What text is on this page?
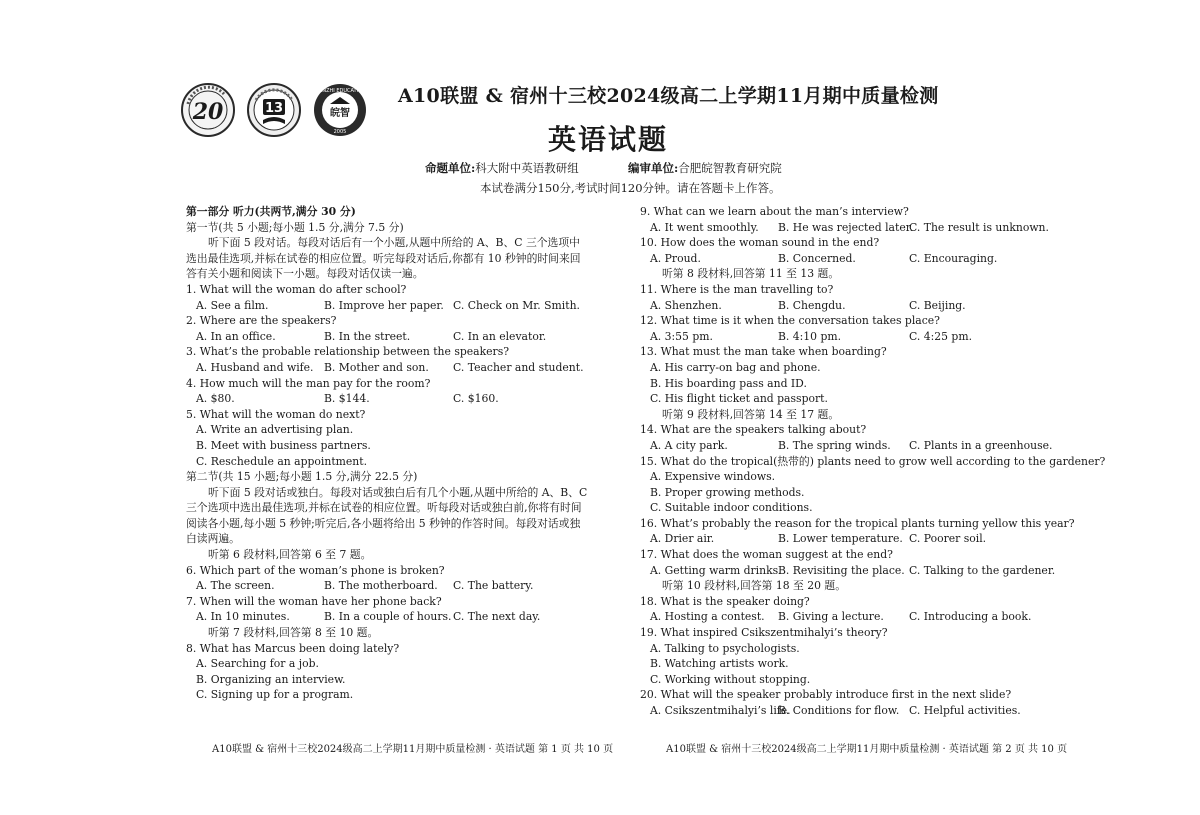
20	13
WANZHI EDUCATION
皖智
2005
A10联盟 & 宿州十三校2024级高二上学期11月期中质量检测
英语试题
命题单位:科大附中英语教研组	编审单位:合肥皖智教育研究院
本试卷满分150分,考试时间120分钟。请在答题卡上作答。
第一部分 听力(共两节,满分 30 分)
第一节(共 5 小题;每小题 1.5 分,满分 7.5 分)
听下面 5 段对话。每段对话后有一个小题,从题中所给的 A、B、C 三个选项中选出最佳选项,并标在试卷的相应位置。听完每段对话后,你都有 10 秒钟的时间来回答有关小题和阅读下一小题。每段对话仅读一遍。
1. What will the woman do after school?
A. See a film.	B. Improve her paper. C. Check on Mr. Smith.
2. Where are the speakers?
A. In an office.	B. In the street.	C. In an elevator.
3. What’s the probable relationship between the speakers?
A. Husband and wife. B. Mother and son. C. Teacher and student.
4. How much will the man pay for the room?
A. $80.	B. $144.	C. $160.
5. What will the woman do next?
A. Write an advertising plan.
B. Meet with business partners.
C. Reschedule an appointment.
第二节(共 15 小题;每小题 1.5 分,满分 22.5 分)
听下面 5 段对话或独白。每段对话或独白后有几个小题,从题中所给的 A、B、C 三个选项中选出最佳选项,并标在试卷的相应位置。听每段对话或独白前,你将有时间阅读各小题,每小题 5 秒钟;听完后,各小题将给出 5 秒钟的作答时间。每段对话或独白读两遍。
听第 6 段材料,回答第 6 至 7 题。
6. Which part of the woman’s phone is broken?
A. The screen.	B. The motherboard. C. The battery.
7. When will the woman have her phone back?
A. In 10 minutes.	B. In a couple of hours. C. The next day.
听第 7 段材料,回答第 8 至 10 题。
8. What has Marcus been doing lately?
A. Searching for a job.
B. Organizing an interview.
C. Signing up for a program.
9. What can we learn about the man’s interview?
A. It went smoothly. B. He was rejected later.
C. The result is unknown.
10. How does the woman sound in the end?
A. Proud.	B. Concerned.	C. Encouraging.
听第 8 段材料,回答第 11 至 13 题。
11. Where is the man travelling to?
A. Shenzhen.	B. Chengdu.	C. Beijing.
12. What time is it when the conversation takes place?
A. 3:55 pm.	B. 4:10 pm.	C. 4:25 pm.
13. What must the man take when boarding?
A. His carry-on bag and phone.
B. His boarding pass and ID.
C. His flight ticket and passport.
听第 9 段材料,回答第 14 至 17 题。
14. What are the speakers talking about?
A. A city park.	B. The spring winds. C. Plants in a greenhouse.
15. What do the tropical(热带的) plants need to grow well according to the gardener?
A. Expensive windows.
B. Proper growing methods.
C. Suitable indoor conditions.
16. What’s probably the reason for the tropical plants turning yellow this year?
A. Drier air.	B. Lower temperature. C. Poorer soil.
17. What does the woman suggest at the end?
A. Getting warm drinks.
B. Revisiting the place. C. Talking to the gardener.
听第 10 段材料,回答第 18 至 20 题。
18. What is the speaker doing?
A. Hosting a contest. B. Giving a lecture. C. Introducing a book.
19. What inspired Csikszentmihalyi’s theory?
A. Talking to psychologists.
B. Watching artists work.
C. Working without stopping.
20. What will the speaker probably introduce first in the next slide?
A. Csikszentmihalyi’s life.
B. Conditions for flow. C. Helpful activities.
A10联盟 & 宿州十三校2024级高二上学期11月期中质量检测 · 英语试题 第 1 页 共 10 页	A10联盟 & 宿州十三校2024级高二上学期11月期中质量检测 · 英语试题 第 2 页 共 10 页
